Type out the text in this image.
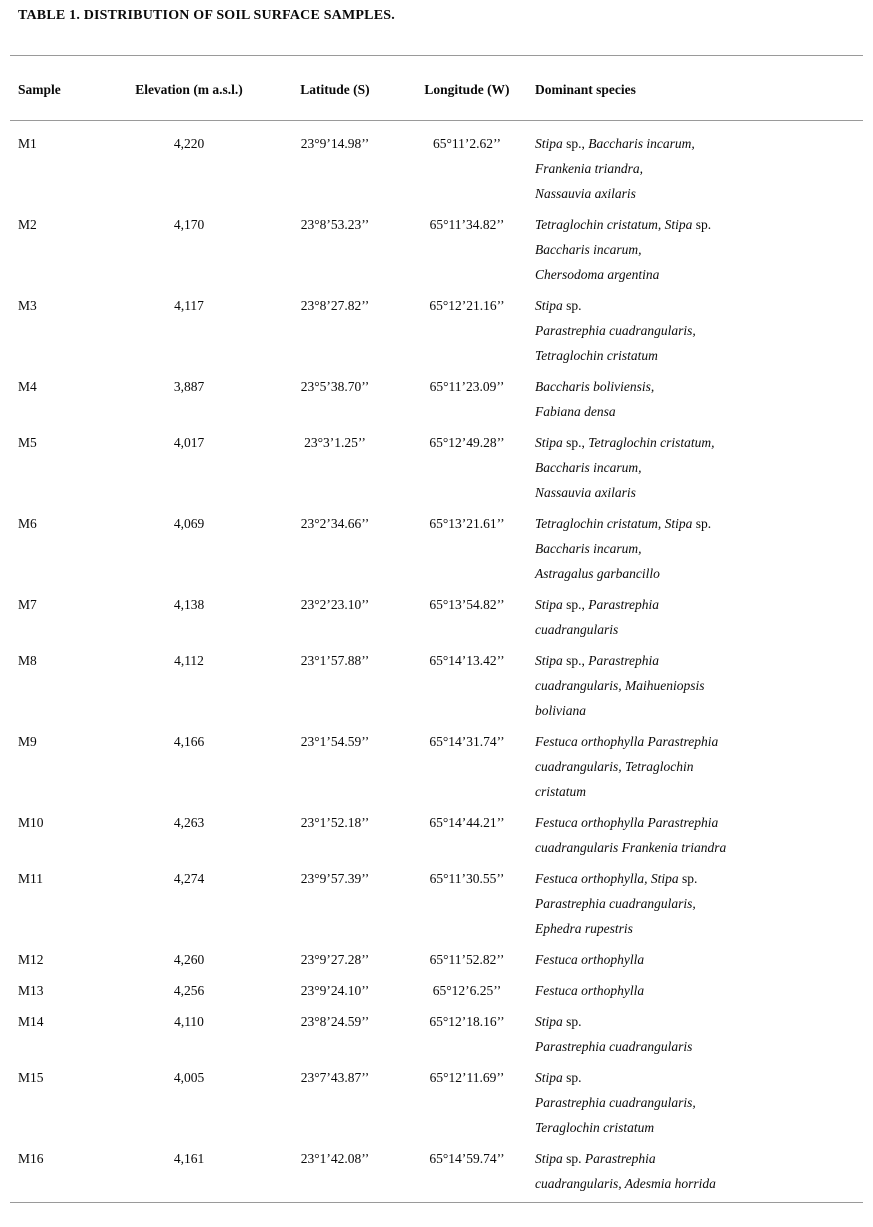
TABLE 1. DISTRIBUTION OF SOIL SURFACE SAMPLES.
Sample	Elevation (m a.s.l.)	Latitude (S)	Longitude (W)	Dominant species
M1	4,220	23°9’14.98’’	65°11’2.62’’	Stipa sp., Baccharis incarum,
Frankenia triandra,
Nassauvia axilaris

M2	4,170	23°8’53.23’’	65°11’34.82’’	Tetraglochin cristatum, Stipa sp.
Baccharis incarum,
Chersodoma argentina

M3	4,117	23°8’27.82’’	65°12’21.16’’	Stipa sp.
Parastrephia cuadrangularis,
Tetraglochin cristatum

M4	3,887	23°5’38.70’’	65°11’23.09’’	Baccharis boliviensis,
Fabiana densa

M5	4,017	23°3’1.25’’	65°12’49.28’’	Stipa sp., Tetraglochin cristatum,
Baccharis incarum,
Nassauvia axilaris

M6	4,069	23°2’34.66’’	65°13’21.61’’	Tetraglochin cristatum, Stipa sp.
Baccharis incarum,
Astragalus garbancillo

M7	4,138	23°2’23.10’’	65°13’54.82’’	Stipa sp., Parastrephia
cuadrangularis

M8	4,112	23°1’57.88’’	65°14’13.42’’	Stipa sp., Parastrephia
cuadrangularis, Maihueniopsis
boliviana

M9	4,166	23°1’54.59’’	65°14’31.74’’	Festuca orthophylla Parastrephia
cuadrangularis, Tetraglochin
cristatum

M10	4,263	23°1’52.18’’	65°14’44.21’’	Festuca orthophylla Parastrephia
cuadrangularis Frankenia triandra

M11	4,274	23°9’57.39’’	65°11’30.55’’	Festuca orthophylla, Stipa sp.
Parastrephia cuadrangularis,
Ephedra rupestris

M12	4,260	23°9’27.28’’	65°11’52.82’’	Festuca orthophylla

M13	4,256	23°9’24.10’’	65°12’6.25’’	Festuca orthophylla

M14	4,110	23°8’24.59’’	65°12’18.16’’	Stipa sp.
Parastrephia cuadrangularis

M15	4,005	23°7’43.87’’	65°12’11.69’’	Stipa sp.
Parastrephia cuadrangularis,
Teraglochin cristatum

M16	4,161	23°1’42.08’’	65°14’59.74’’	Stipa sp. Parastrephia
cuadrangularis, Adesmia horrida
